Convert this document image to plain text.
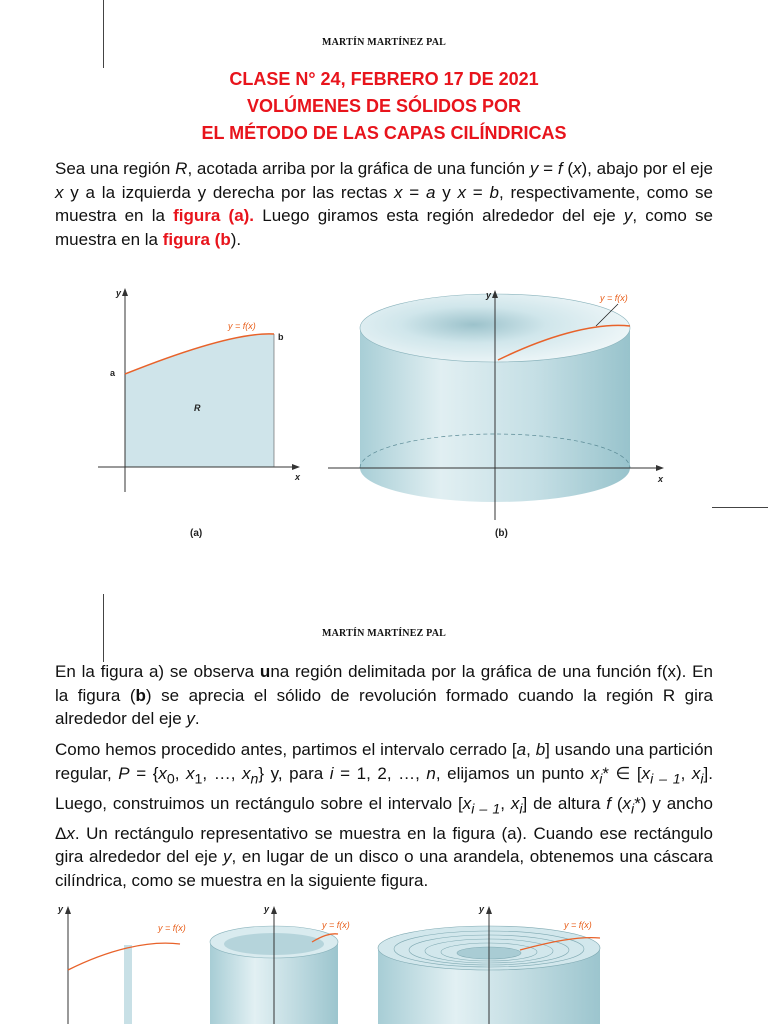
MARTÍN MARTÍNEZ PAL
CLASE N° 24, FEBRERO 17 DE 2021
VOLÚMENES DE SÓLIDOS POR
EL MÉTODO DE LAS CAPAS CILÍNDRICAS
Sea una región R, acotada arriba por la gráfica de una función y = f (x), abajo por el eje x y a la izquierda y derecha por las rectas x = a y x = b, respectivamente, como se muestra en la figura (a). Luego giramos esta región alrededor del eje y, como se muestra en la figura (b).
y
x
a
b
y = f(x)
R
(a)
y
x
y = f(x)
(b)
MARTÍN MARTÍNEZ PAL
En la figura a) se observa una región delimitada por la gráfica de una función f(x). En la figura (b) se aprecia el sólido de revolución formado cuando la región R gira alrededor del eje y.
Como hemos procedido antes, partimos el intervalo cerrado [a, b] usando una partición regular, $P = \{x_0$, $x_1$, …, $x_n$} y, para i = 1, 2, …, n, elijamos un punto $x_i*$ ∈ [$x_{i - 1}$, $x_i$]. Luego, construimos un rectángulo sobre el intervalo [$x_{i - 1}$, $x_i$] de altura f $(x_i*)$ y ancho Δx. Un rectángulo representativo se muestra en la figura (a). Cuando ese rectángulo gira alrededor del eje y, en lugar de un disco o una arandela, obtenemos una cáscara cilíndrica, como se muestra en la siguiente figura.
y
y = f(x)
y
y = f(x)
y
y = f(x)
